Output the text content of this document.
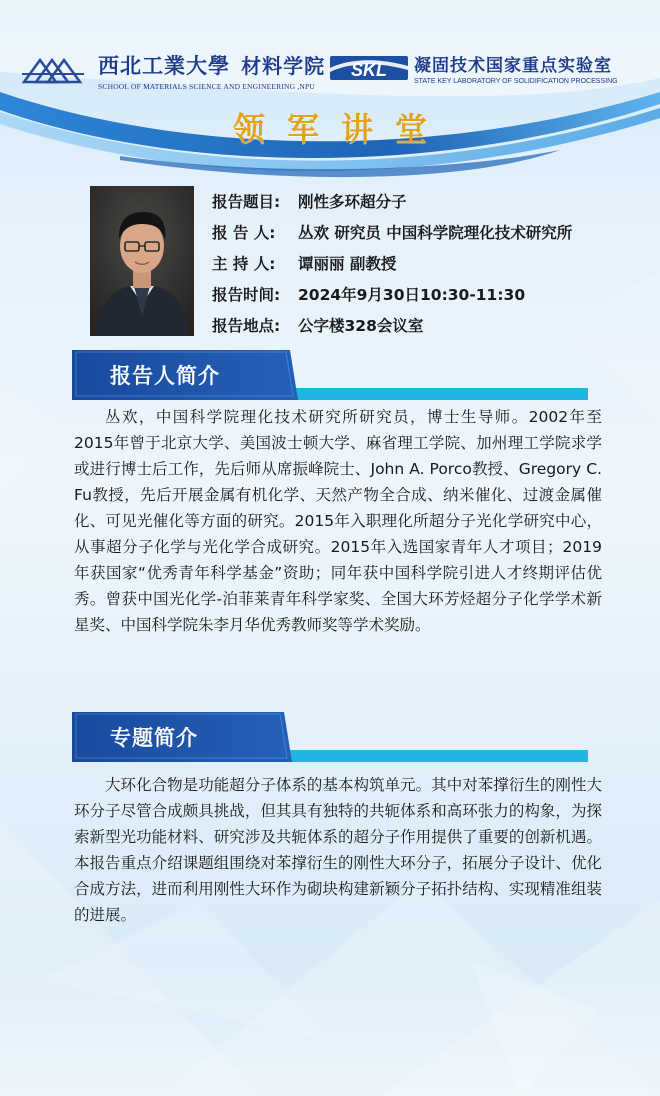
西北工業大學 材料学院
SCHOOL OF MATERIALS SCIENCE AND ENGINEERING ,NPU
SKL 凝固技术国家重点实验室
STATE KEY LABORATORY OF SOLIDIFICATION PROCESSING
领军讲堂
报告题目:	刚性多环超分子
报 告 人:	丛欢 研究员 中国科学院理化技术研究所
主 持 人:	谭丽丽 副教授
报告时间:	2024年9月30日10:30-11:30
报告地点:	公字楼328会议室
报告人简介
丛欢，中国科学院理化技术研究所研究员，博士生导师。2002年至2015年曾于北京大学、美国波士顿大学、麻省理工学院、加州理工学院求学或进行博士后工作，先后师从席振峰院士、John A. Porco教授、Gregory C. Fu教授，先后开展金属有机化学、天然产物全合成、纳米催化、过渡金属催化、可见光催化等方面的研究。2015年入职理化所超分子光化学研究中心，从事超分子化学与光化学合成研究。2015年入选国家青年人才项目；2019年获国家“优秀青年科学基金”资助；同年获中国科学院引进人才终期评估优秀。曾获中国光化学-泊菲莱青年科学家奖、全国大环芳烃超分子化学学术新星奖、中国科学院朱李月华优秀教师奖等学术奖励。
专题简介
大环化合物是功能超分子体系的基本构筑单元。其中对苯撑衍生的刚性大环分子尽管合成颇具挑战，但其具有独特的共轭体系和高环张力的构象，为探索新型光功能材料、研究涉及共轭体系的超分子作用提供了重要的创新机遇。本报告重点介绍课题组围绕对苯撑衍生的刚性大环分子，拓展分子设计、优化合成方法，进而利用刚性大环作为砌块构建新颖分子拓扑结构、实现精准组装的进展。
